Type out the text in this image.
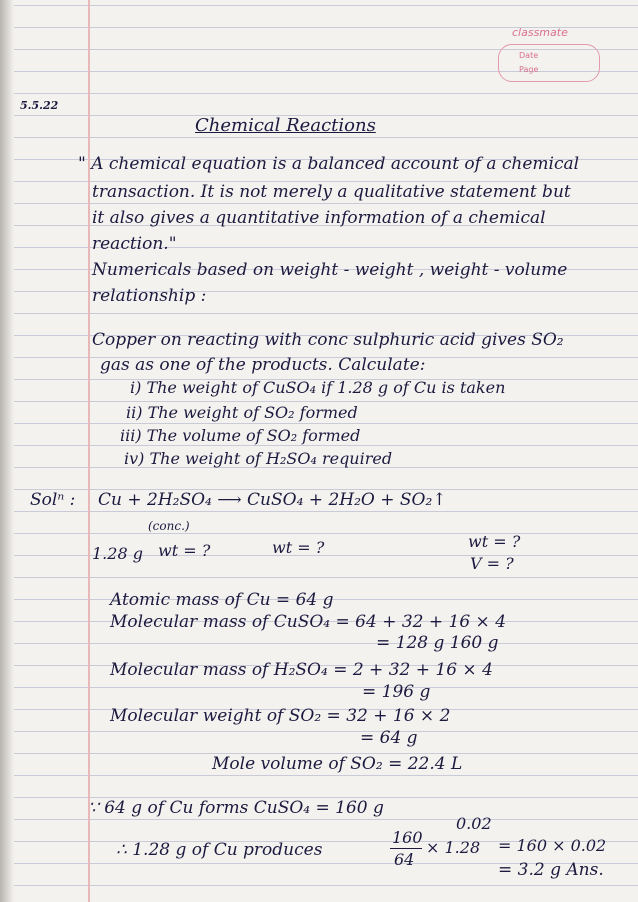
classmate
Date
Page
5.5.22
Chemical Reactions
" A chemical equation is a balanced account of a chemical
transaction. It is not merely a qualitative statement but
it also gives a quantitative information of a chemical
reaction."
Numericals based on weight - weight , weight - volume
relationship :
Copper on reacting with conc sulphuric acid gives SO₂
gas as one of the products. Calculate:
i) The weight of CuSO₄ if 1.28 g of Cu is taken
ii) The weight of SO₂ formed
iii) The volume of SO₂ formed
iv) The weight of H₂SO₄ required
Solⁿ : Cu + 2H₂SO₄ ⟶ CuSO₄ + 2H₂O + SO₂↑
(conc.)
1.28 g wt = ?	wt = ?	wt = ?
V = ?
Atomic mass of Cu = 64 g
Molecular mass of CuSO₄ = 64 + 32 + 16 × 4
= 128 g 160 g
Molecular mass of H₂SO₄ = 2 + 32 + 16 × 4
= 196 g
Molecular weight of SO₂ = 32 + 16 × 2
= 64 g
Mole volume of SO₂ = 22.4 L
∵ 64 g of Cu forms CuSO₄ = 160 g
∴ 1.28 g of Cu produces
0.02
160
64
× 1.28 = 160 × 0.02
= 3.2 g Ans.
